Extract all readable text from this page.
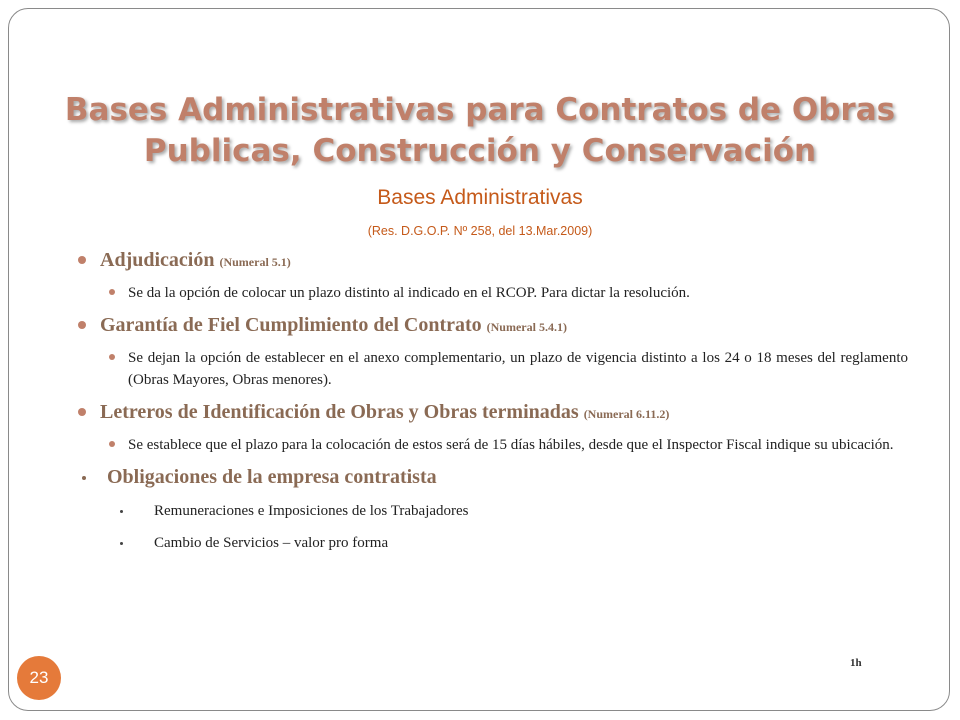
Bases Administrativas para Contratos de Obras
Publicas, Construcción y Conservación
Bases Administrativas
(Res. D.G.O.P. Nº 258, del 13.Mar.2009)
Adjudicación (Numeral 5.1)
Se da la opción de colocar un plazo distinto al indicado en el RCOP. Para dictar la resolución.
Garantía de Fiel Cumplimiento del Contrato (Numeral 5.4.1)
Se dejan la opción de establecer en el anexo complementario, un plazo de vigencia distinto a los 24 o 18 meses del reglamento (Obras Mayores, Obras menores).
Letreros de Identificación de Obras y Obras terminadas (Numeral 6.11.2)
Se establece que el plazo para la colocación de estos será de 15 días hábiles, desde que el Inspector Fiscal indique su ubicación.
Obligaciones de la empresa contratista
Remuneraciones e Imposiciones de los Trabajadores
Cambio de Servicios – valor pro forma
23
1h
